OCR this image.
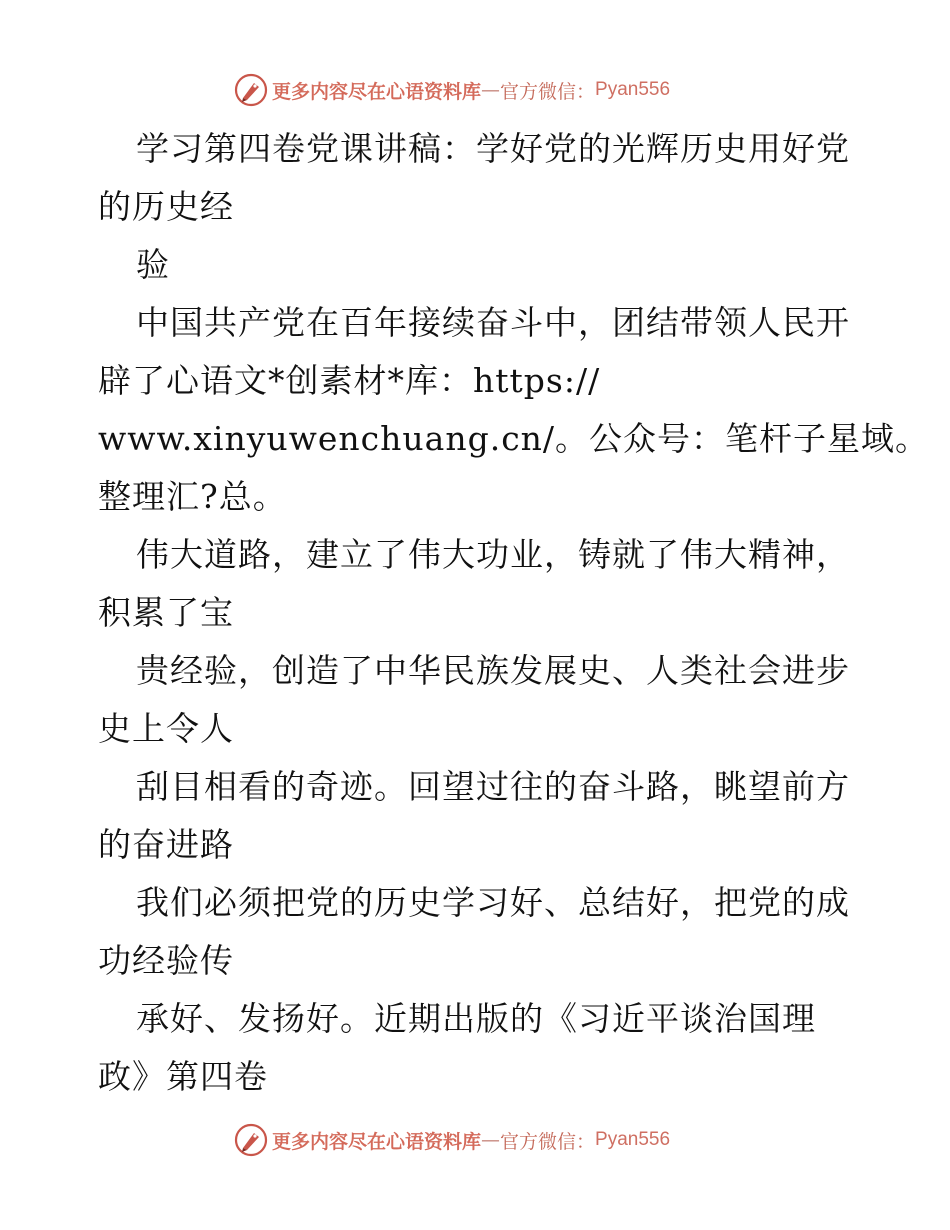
更多内容尽在心语资料库 — 官方微信： Pyan556
学习第四卷党课讲稿：学好党的光辉历史用好党
的历史经
验
中国共产党在百年接续奋斗中，团结带领人民开
辟了心语文*创素材*库：https://
www.xinyuwenchuang.cn/。公众号：笔杆子星域。
整理汇?总。
伟大道路，建立了伟大功业，铸就了伟大精神，
积累了宝
贵经验，创造了中华民族发展史、人类社会进步
史上令人
刮目相看的奇迹。回望过往的奋斗路，眺望前方
的奋进路
我们必须把党的历史学习好、总结好，把党的成
功经验传
承好、发扬好。近期出版的《习近平谈治国理
政》第四卷
更多内容尽在心语资料库 — 官方微信： Pyan556
